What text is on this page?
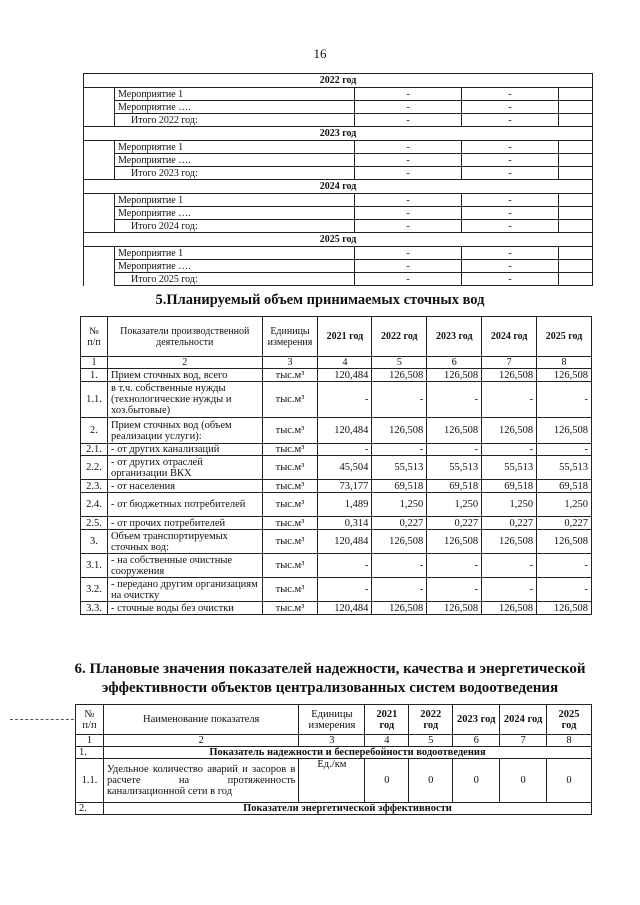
16
2022 год				
	Мероприятие 1	-	-	
	Мероприятие ….	-	-	
	Итого 2022 год:	-	-	
2023 год				
	Мероприятие 1	-	-	
	Мероприятие ….	-	-	
	Итого 2023 год:	-	-	
2024 год				
	Мероприятие 1	-	-	
	Мероприятие ….	-	-	
	Итого 2024 год:	-	-	
2025 год				
	Мероприятие 1	-	-	
	Мероприятие ….	-	-	
	Итого 2025 год:	-	-	
5.Планируемый объем принимаемых сточных вод
№ п/п	Показатели производственной деятельности	Единицы измерения	2021 год	2022 год	2023 год	2024 год	2025 год
1	2	3	4	5	6	7	8
1.	Прием сточных вод, всего	тыс.м³	120,484	126,508	126,508	126,508	126,508
1.1.	в т.ч. собственные нужды (технологические нужды и хоз.бытовые)	тыс.м³	-	-	-	-	-
2.	Прием сточных вод (объем реализации услуги):	тыс.м³	120,484	126,508	126,508	126,508	126,508
2.1.	- от других канализаций	тыс.м³	-	-	-	-	-
2.2.	- от других отраслей организации ВКХ	тыс.м³	45,504	55,513	55,513	55,513	55,513
2.3.	- от населения	тыс.м³	73,177	69,518	69,518	69,518	69,518
2.4.	- от бюджетных потребителей	тыс.м³	1,489	1,250	1,250	1,250	1,250
2.5.	- от прочих потребителей	тыс.м³	0,314	0,227	0,227	0,227	0,227
3.	Объем транспортируемых сточных вод:	тыс.м³	120,484	126,508	126,508	126,508	126,508
3.1.	- на собственные очистные сооружения	тыс.м³	-	-	-	-	-
3.2.	- передано другим организациям на очистку	тыс.м³	-	-	-	-	-
3.3.	- сточные воды без очистки	тыс.м³	120,484	126,508	126,508	126,508	126,508
6. Плановые значения показателей надежности, качества и энергетической эффективности объектов централизованных систем водоотведения
№ п/п	Наименование показателя	Единицы измерения	2021 год	2022 год	2023 год	2024 год	2025 год
1	2	3	4	5	6	7	8
1.	Показатель надежности и бесперебойности водоотведения						
1.1.	Удельное количество аварий и засоров в расчете на протяженность канализационной сети в год	Ед./км	0	0	0	0	0
2.	Показатели энергетической эффективности						
